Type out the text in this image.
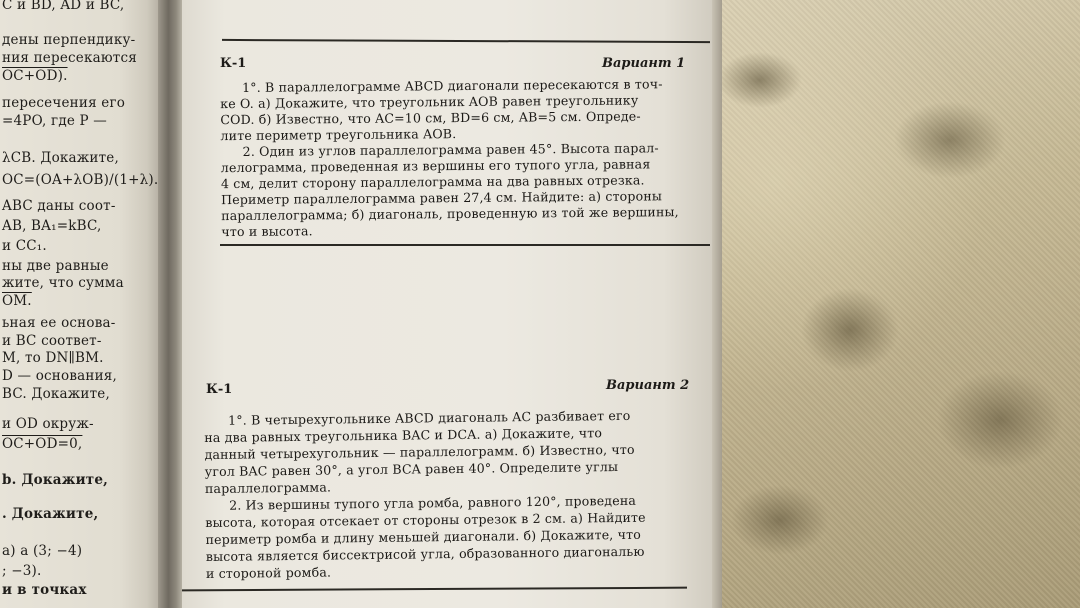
C и BD, AD и BC,
дены перпендику-
ния пересекаются
OC+OD).
пересечения его
=4PO, где P —
λCB. Докажите,
OC=(OA+λOB)/(1+λ).
ABC даны соот-
AB, BA₁=kBC,
и CC₁.
ны две равные
жите, что сумма
OM.
ьная ее основа-
и BC соответ-
M, то DN∥BM.
D — основания,
BC. Докажите,
и OD окруж-
OC+OD=0,
b. Докажите,
. Докажите,
а) a (3; −4)
; −3).
и в точках
К-1	Вариант 1
1°. В параллелограмме ABCD диагонали пересекаются в точ-
ке O. а) Докажите, что треугольник AOB равен треугольнику
COD. б) Известно, что AC=10 см, BD=6 см, AB=5 см. Опреде-
лите периметр треугольника AOB.
2. Один из углов параллелограмма равен 45°. Высота парал-
лелограмма, проведенная из вершины его тупого угла, равная
4 см, делит сторону параллелограмма на два равных отрезка.
Периметр параллелограмма равен 27,4 см. Найдите: а) стороны
параллелограмма; б) диагональ, проведенную из той же вершины,
что и высота.
К-1	Вариант 2
1°. В четырехугольнике ABCD диагональ AC разбивает его
на два равных треугольника BAC и DCA. а) Докажите, что
данный четырехугольник — параллелограмм. б) Известно, что
угол BAC равен 30°, а угол BCA равен 40°. Определите углы
параллелограмма.
2. Из вершины тупого угла ромба, равного 120°, проведена
высота, которая отсекает от стороны отрезок в 2 см. а) Найдите
периметр ромба и длину меньшей диагонали. б) Докажите, что
высота является биссектрисой угла, образованного диагональю
и стороной ромба.
